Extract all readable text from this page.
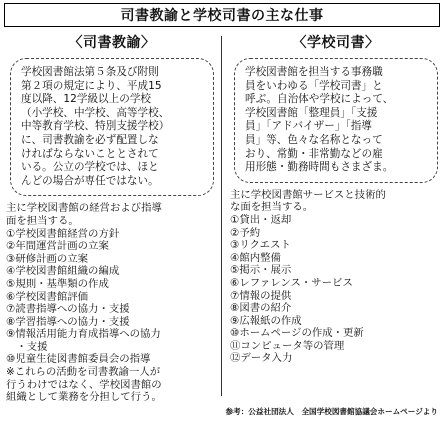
司書教諭と学校司書の主な仕事
〈司書教諭〉

学校図書館法第５条及び附則
第２項の規定により、平成15
度以降、12学級以上の学校
（小学校、中学校、高等学校、
中等教育学校、特別支援学校）
に、司書教諭を必ず配置しな
ければならないこととされて
いる。公立の学校では、ほと
んどの場合が専任ではない。

主に学校図書館の経営および指導
面を担当する。
①学校図書館経営の方針
②年間運営計画の立案
③研修計画の立案
④学校図書館組織の編成
⑤規則・基準類の作成
⑥学校図書館評価
⑦読書指導への協力・支援
⑧学習指導への協力・支援
⑨情報活用能力育成指導への協力
　・支援
⑩児童生徒図書館委員会の指導
※これらの活動を司書教諭一人が
行うわけではなく、学校図書館の
組織として業務を分担して行う。
〈学校司書〉

学校図書館を担当する事務職
員をいわゆる「学校司書」と
呼ぶ。自治体や学校によって、
学校図書館「整理員」「支援
員」「アドバイザー」「指導
員」等、色々な名称となって
おり、常勤・非常勤などの雇
用形態・勤務時間もさまざま。

主に学校図書館サービスと技術的
な面を担当する。
①貸出・返却
②予約
③リクエスト
④館内整備
⑤掲示・展示
⑥レファレンス・サービス
⑦情報の提供
⑧図書の紹介
⑨広報紙の作成
⑩ホームページの作成・更新
⑪コンピュータ等の管理
⑫データ入力
参考：公益社団法人　全国学校図書館協議会ホームページより
